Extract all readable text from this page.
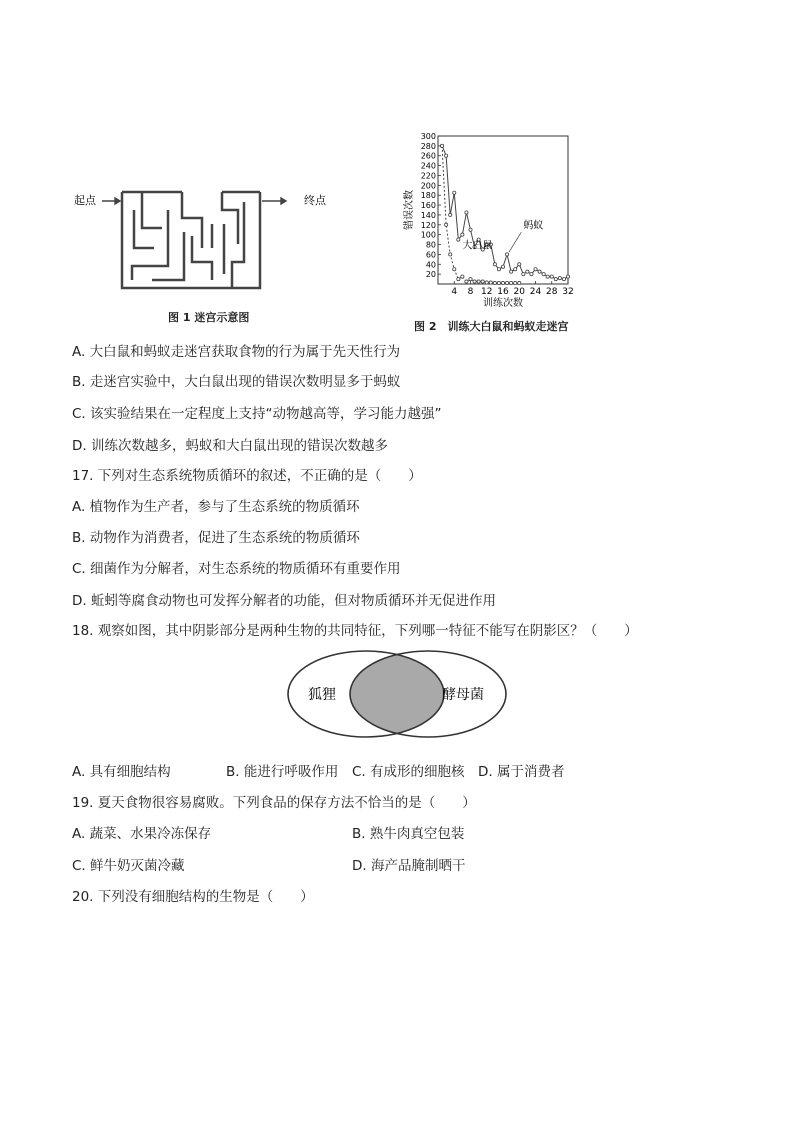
起点	终点
图 1 迷宫示意图
20
40
60
80
100
120
140
160
180
200
220
240
260
280
300
4 8 12 16 20 24 28 32
训练次数
错误次数	蚂蚁
大白鼠
图 2　训练大白鼠和蚂蚁走迷宫
A. 大白鼠和蚂蚁走迷宫获取食物的行为属于先天性行为
B. 走迷宫实验中，大白鼠出现的错误次数明显多于蚂蚁
C. 该实验结果在一定程度上支持“动物越高等，学习能力越强”
D. 训练次数越多，蚂蚁和大白鼠出现的错误次数越多
17. 下列对生态系统物质循环的叙述，不正确的是（　　）
A. 植物作为生产者，参与了生态系统的物质循环
B. 动物作为消费者，促进了生态系统的物质循环
C. 细菌作为分解者，对生态系统的物质循环有重要作用
D. 蚯蚓等腐食动物也可发挥分解者的功能，但对物质循环并无促进作用
18. 观察如图，其中阴影部分是两种生物的共同特征，下列哪一特征不能写在阴影区？（　　）
狐狸	酵母菌
A. 具有细胞结构	B. 能进行呼吸作用 C. 有成形的细胞核 D. 属于消费者
19. 夏天食物很容易腐败。下列食品的保存方法不恰当的是（　　）
A. 蔬菜、水果冷冻保存	B. 熟牛肉真空包装
C. 鲜牛奶灭菌冷藏	D. 海产品腌制晒干
20. 下列没有细胞结构的生物是（　　）
